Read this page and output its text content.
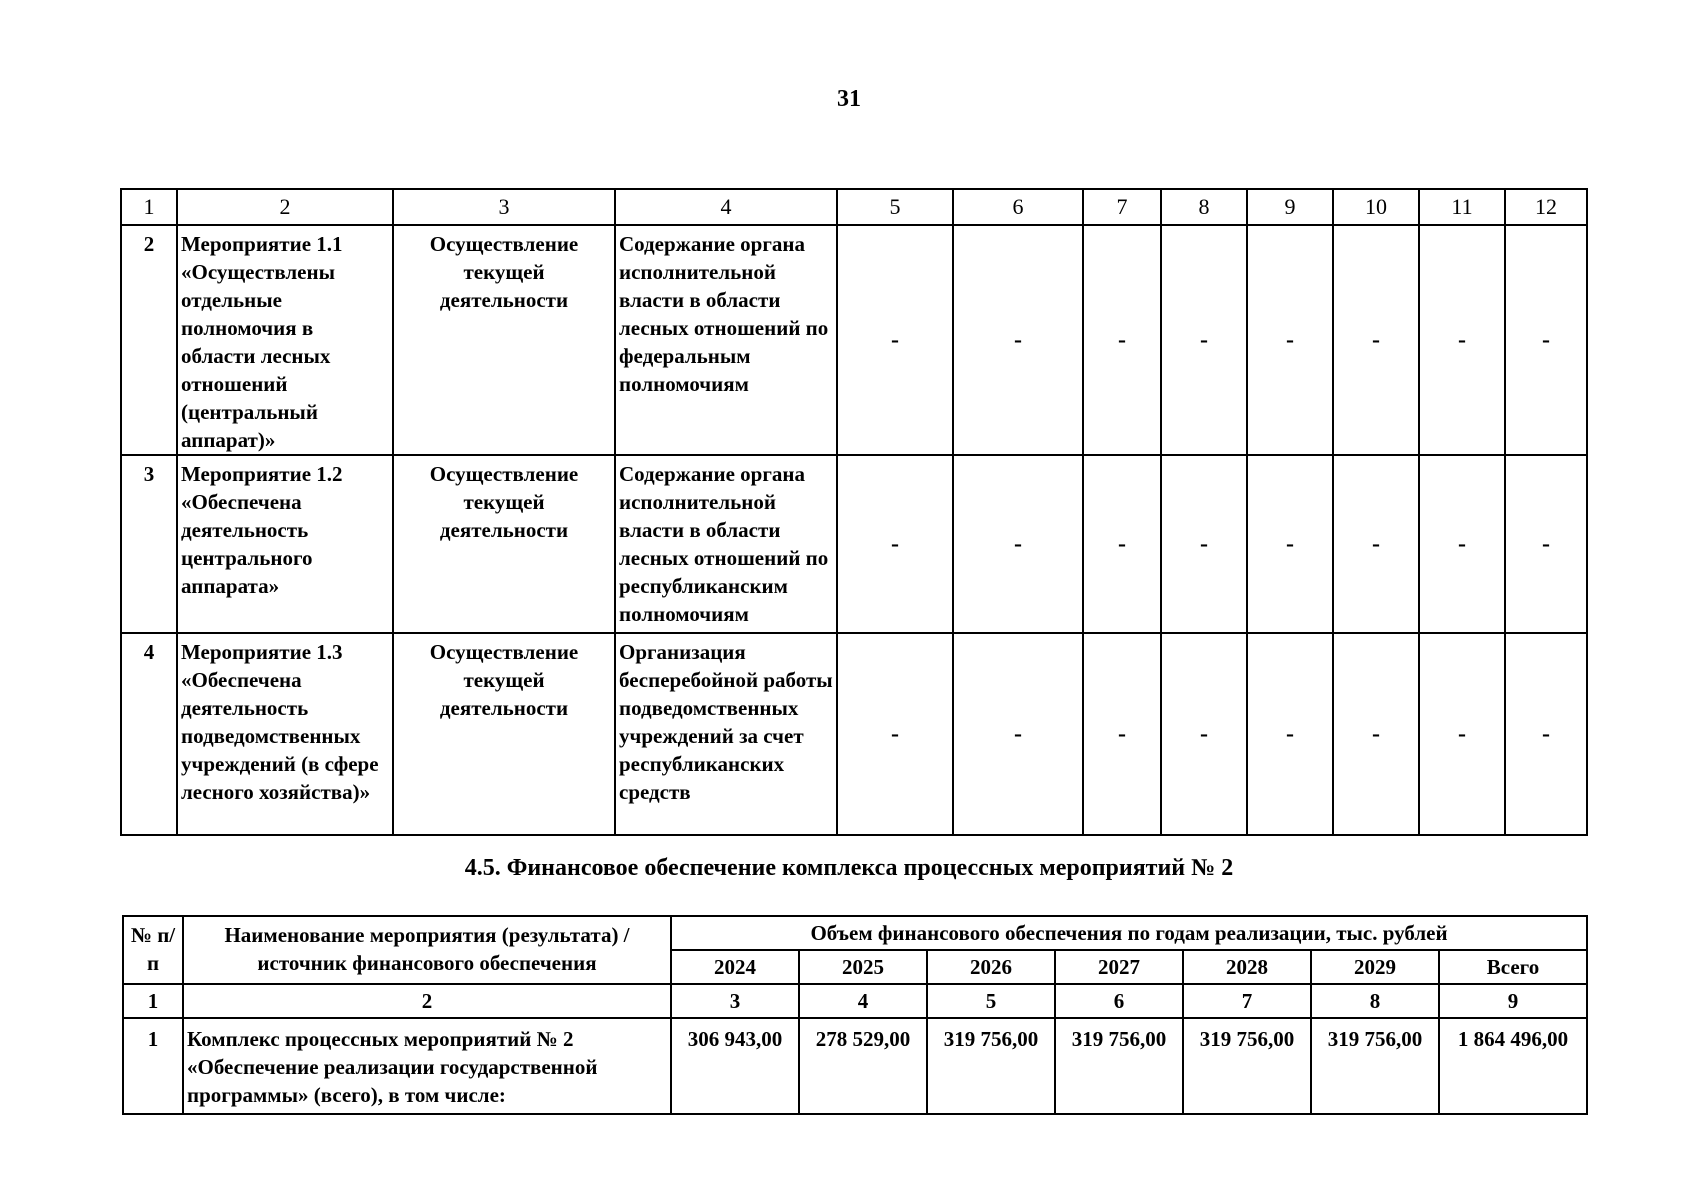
31
1	2	3	4	5	6	7	8	9	10	11	12
2	Мероприятие 1.1 «Осуществлены отдельные полномочия в области лесных отношений (центральный аппарат)»	Осуществление текущей деятельности	Содержание органа исполнительной власти в области лесных отношений по федеральным полномочиям	-	-	-	-	-	-	-	-
3	Мероприятие 1.2 «Обеспечена деятельность центрального аппарата»	Осуществление текущей деятельности	Содержание органа исполнительной власти в области лесных отношений по республиканским полномочиям	-	-	-	-	-	-	-	-
4	Мероприятие 1.3 «Обеспечена деятельность подведомственных учреждений (в сфере лесного хозяйства)»	Осуществление текущей деятельности	Организация бесперебойной работы подведомственных учреждений за счет республиканских средств	-	-	-	-	-	-	-	-
4.5. Финансовое обеспечение комплекса процессных мероприятий № 2
№ п/п	Наименование мероприятия (результата) / источник финансового обеспечения	Объем финансового обеспечения по годам реализации, тыс. рублей						
		2024	2025	2026	2027	2028	2029	Всего
1	2	3	4	5	6	7	8	9
1	Комплекс процессных мероприятий № 2 «Обеспечение реализации государственной программы» (всего), в том числе:	306 943,00	278 529,00	319 756,00	319 756,00	319 756,00	319 756,00	1 864 496,00
